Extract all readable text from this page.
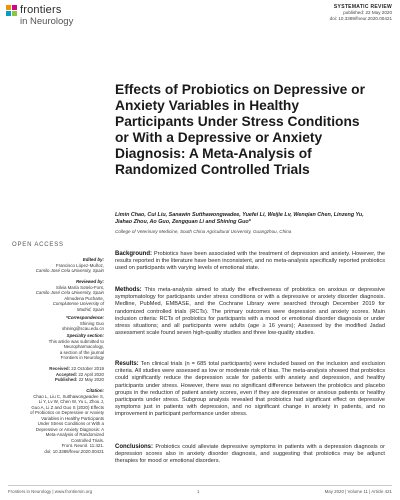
frontiers
in Neurology
SYSTEMATIC REVIEW
published: 22 May 2020
doi: 10.3389/fneur.2020.00421
Effects of Probiotics on Depressive or Anxiety Variables in Healthy Participants Under Stress Conditions or With a Depressive or Anxiety Diagnosis: A Meta-Analysis of Randomized Controlled Trials
Limin Chao, Cui Liu, Sanawin Sutthawongwadee, Yuefei Li, Weijie Lv, Wenqian Chen, Linzeng Yu, Jiahao Zhou, Ao Guo, Zengquan Li and Shining Guo*
College of Veterinary Medicine, South China Agricultural University, Guangzhou, China
OPEN ACCESS
Edited by:
Francisco López-Muñoz,
Camilo José Cela University, Spain
Reviewed by:
Silvia María Sotelo-Font,
Camilo José Cela University, Spain
Almudena Pucharte,
Complutense University of
Madrid, Spain
*Correspondence:
Shining Guo
shining@scau.edu.cn
Specialty section:
This article was submitted to
Neuropharmacology,
a section of the journal
Frontiers in Neurology
Received: 22 October 2019
Accepted: 22 April 2020
Published: 22 May 2020
Citation:
Chao L, Liu C, Sutthawongwadee S,
Li Y, Lv W, Chen W, Yu L, Zhou J,
Guo A, Li Z and Guo S (2020) Effects
of Probiotics on Depressive or Anxiety
Variables in Healthy Participants
Under Stress Conditions or With a
Depressive or Anxiety Diagnosis: A
Meta-Analysis of Randomized
Controlled Trials.
Front. Neurol. 11:421.
doi: 10.3389/fneur.2020.00421

Background: Probiotics have been associated with the treatment of depression and anxiety. However, the results reported in the literature have been inconsistent, and no meta-analysis specifically reported probiotics used on participants with varying levels of emotional state.

Methods: This meta-analysis aimed to study the effectiveness of probiotics on anxious or depressive symptomatology for participants under stress conditions or with a depressive or anxiety disorder diagnosis. Medline, PubMed, EMBASE, and the Cochrane Library were searched through December 2019 for randomized controlled trials (RCTs). The primary outcomes were depression and anxiety scores. Main inclusion criteria: RCTs of probiotics for participants with a mood or emotional disorder diagnosis or under stress situations; and all participants were adults (age ≥ 16 years); Assessed by the modified Jadad assessment scale found seven high-quality studies and three low-quality studies.

Results: Ten clinical trials (n = 685 total participants) were included based on the inclusion and exclusion criteria. All studies were assessed as low or moderate risk of bias. The meta-analysis showed that probiotics could significantly reduce the depression scale for patients with anxiety and depression, and healthy participants under stress. However, there was no significant difference between the probiotics and placebo groups in the reduction of patient anxiety scores, even if they are depressive or anxious patients or healthy participants under stress. Subgroup analysis revealed that probiotics had significant effect on depressive symptoms just in patients with depression, and no significant change in anxiety in patients, and no improvement in participant performance under stress.

Conclusions: Probiotics could alleviate depressive symptoms in patients with a depression diagnosis or depression scores also in anxiety disorder diagnosis, and suggesting that probiotics may be adjunct therapies for mood or emotional disorders.

Frontiers in Neurology | www.frontiersin.org	1	May 2020 | Volume 11 | Article 421
